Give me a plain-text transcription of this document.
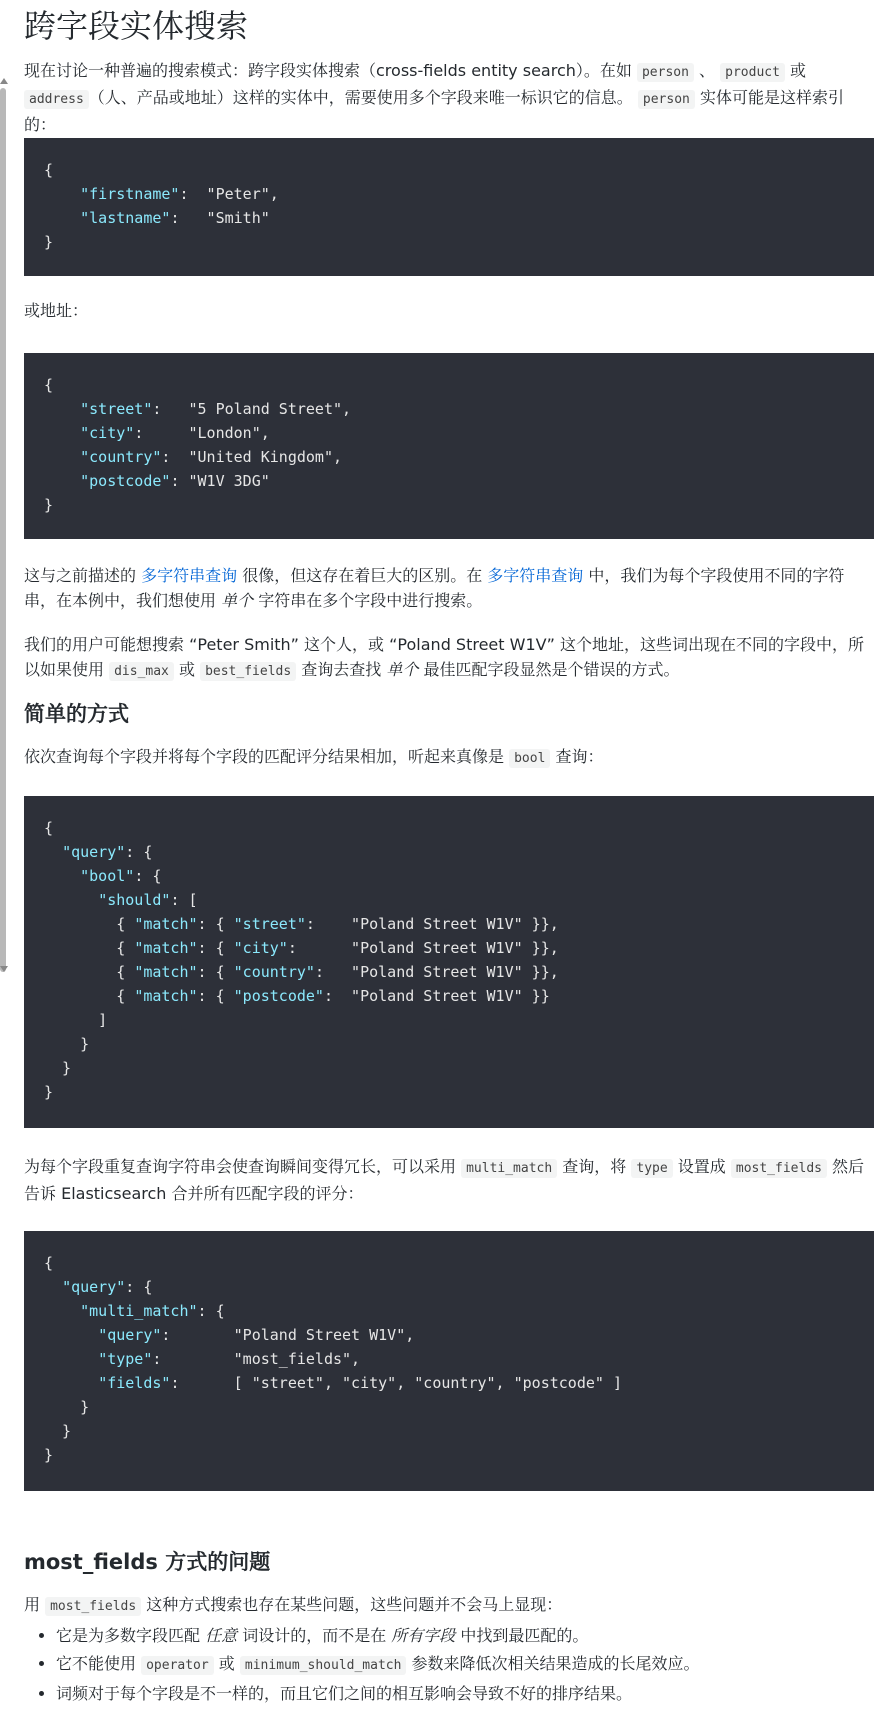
跨字段实体搜索

现在讨论一种普遍的搜索模式：跨字段实体搜索（cross-fields entity search）。在如 person 、 product 或 address （人、产品或地址）这样的实体中，需要使用多个字段来唯一标识它的信息。 person 实体可能是这样索引的：

{
"firstname":  "Peter",
"lastname":   "Smith"
}

或地址：

{
"street":   "5 Poland Street",
"city":     "London",
"country":  "United Kingdom",
"postcode": "W1V 3DG"
}

这与之前描述的 多字符串查询 很像，但这存在着巨大的区别。在 多字符串查询 中，我们为每个字段使用不同的字符串，在本例中，我们想使用 单个 字符串在多个字段中进行搜索。

我们的用户可能想搜索 “Peter Smith” 这个人，或 “Poland Street W1V” 这个地址，这些词出现在不同的字段中，所以如果使用 dis_max 或 best_fields 查询去查找 单个 最佳匹配字段显然是个错误的方式。

简单的方式

依次查询每个字段并将每个字段的匹配评分结果相加，听起来真像是 bool 查询：

{
"query": {
"bool": {
"should": [
{ "match": { "street":    "Poland Street W1V" }},
{ "match": { "city":      "Poland Street W1V" }},
{ "match": { "country":   "Poland Street W1V" }},
{ "match": { "postcode":  "Poland Street W1V" }}
]
}
}
}

为每个字段重复查询字符串会使查询瞬间变得冗长，可以采用 multi_match 查询，将 type 设置成 most_fields 然后告诉 Elasticsearch 合并所有匹配字段的评分：

{
"query": {
"multi_match": {
"query":       "Poland Street W1V",
"type":        "most_fields",
"fields":      [ "street", "city", "country", "postcode" ]
}
}
}
most_fields 方式的问题

用 most_fields 这种方式搜索也存在某些问题，这些问题并不会马上显现：

• 它是为多数字段匹配 任意 词设计的，而不是在 所有字段 中找到最匹配的。
• 它不能使用 operator 或 minimum_should_match 参数来降低次相关结果造成的长尾效应。
• 词频对于每个字段是不一样的，而且它们之间的相互影响会导致不好的排序结果。
